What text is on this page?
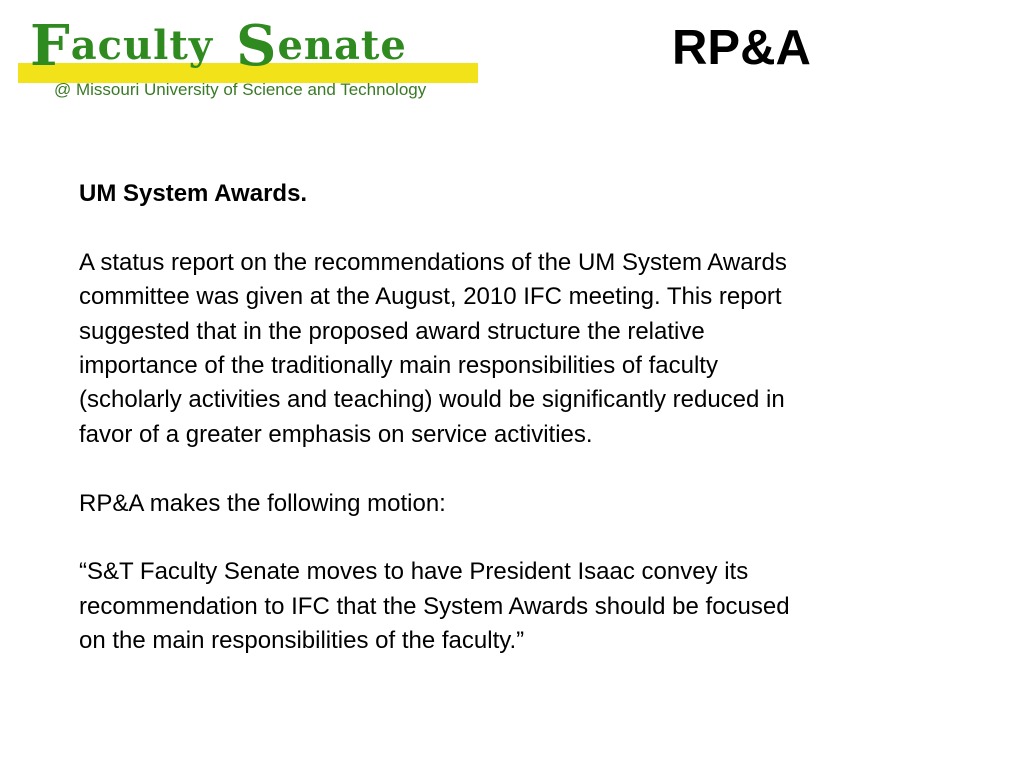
Faculty Senate
@ Missouri University of Science and Technology
RP&A

UM System Awards.

A status report on the recommendations of the UM System Awards
committee was given at the August, 2010 IFC meeting. This report
suggested that in the proposed award structure the relative
importance of the traditionally main responsibilities of faculty
(scholarly activities and teaching) would be significantly reduced in
favor of a greater emphasis on service activities.

RP&A makes the following motion:

“S&T Faculty Senate moves to have President Isaac convey its
recommendation to IFC that the System Awards should be focused
on the main responsibilities of the faculty.”
